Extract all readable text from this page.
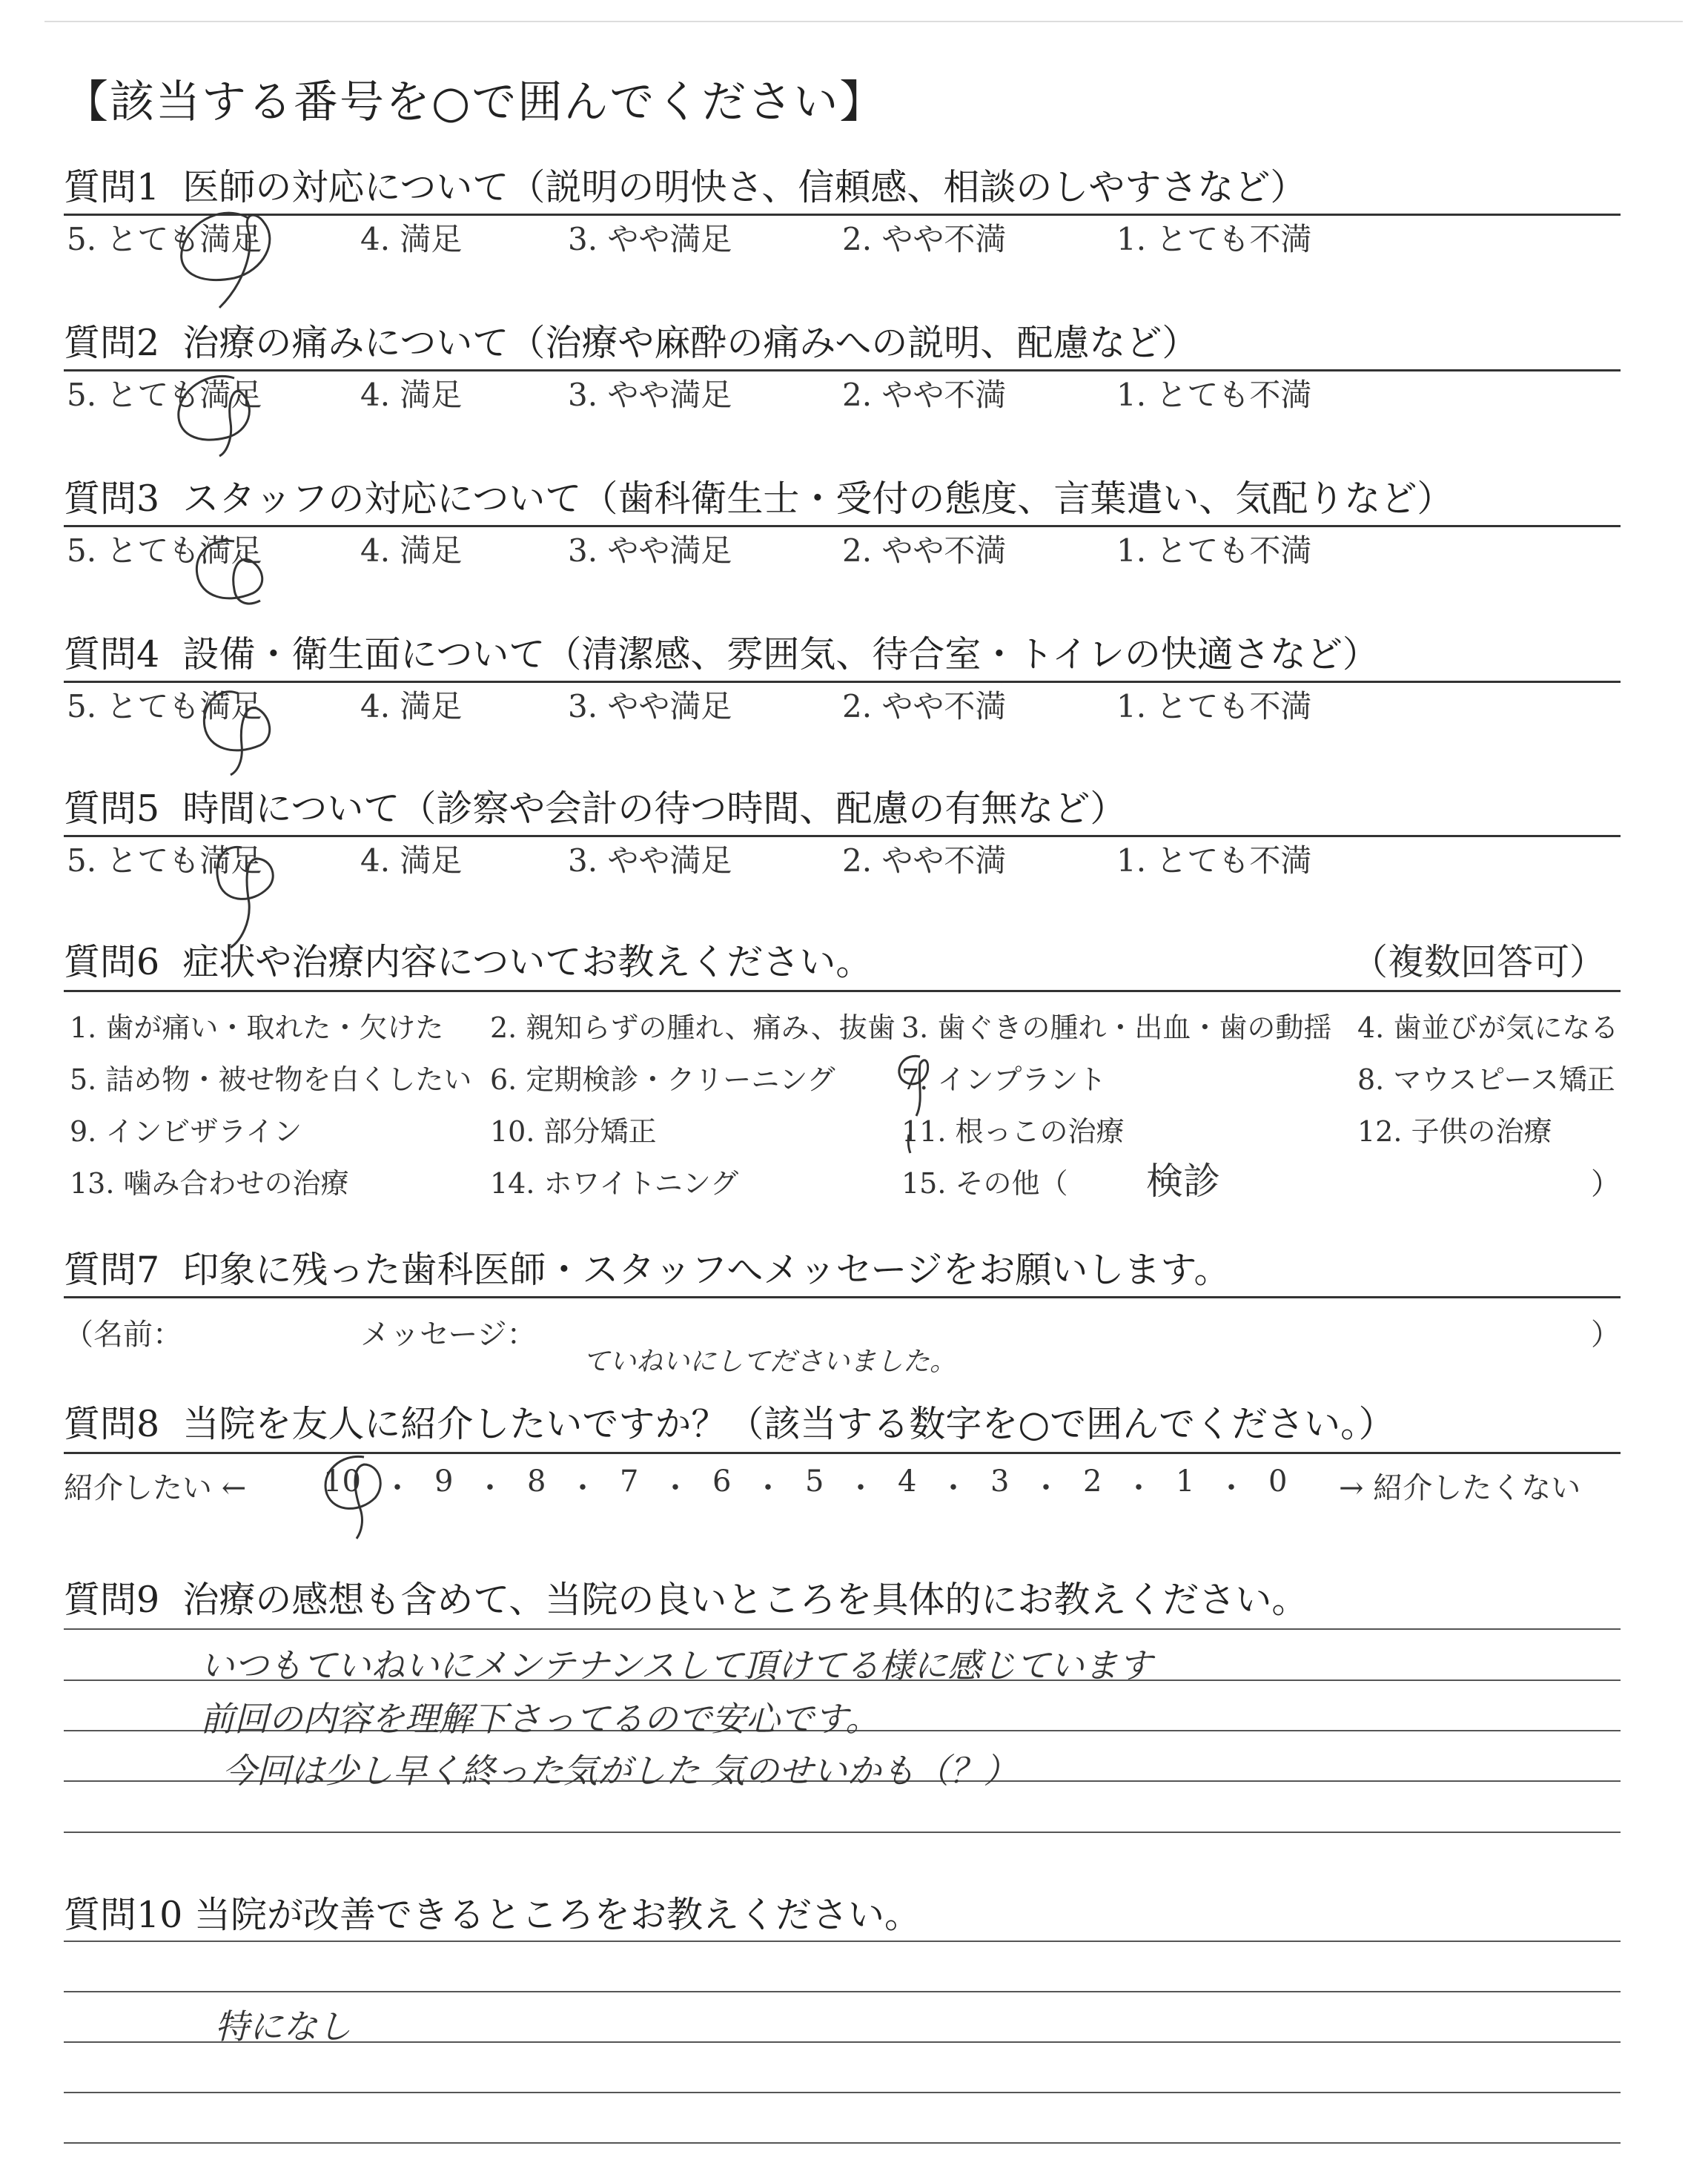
【該当する番号を○で囲んでください】
質問1 医師の対応について（説明の明快さ、信頼感、相談のしやすさなど）
5. とても満足	4. 満足	3. やや満足	2. やや不満	1. とても不満
質問2 治療の痛みについて（治療や麻酔の痛みへの説明、配慮など）
5. とても満足	4. 満足	3. やや満足	2. やや不満	1. とても不満
質問3 スタッフの対応について（歯科衛生士・受付の態度、言葉遣い、気配りなど）
5. とても満足	4. 満足	3. やや満足	2. やや不満	1. とても不満
質問4 設備・衛生面について（清潔感、雰囲気、待合室・トイレの快適さなど）
5. とても満足	4. 満足	3. やや満足	2. やや不満	1. とても不満
質問5 時間について（診察や会計の待つ時間、配慮の有無など）
5. とても満足	4. 満足	3. やや満足	2. やや不満	1. とても不満
質問6 症状や治療内容についてお教えください。	（複数回答可）
1. 歯が痛い・取れた・欠けた 2. 親知らずの腫れ、痛み、抜歯 3. 歯ぐきの腫れ・出血・歯の動揺 4. 歯並びが気になる
5. 詰め物・被せ物を白くしたい 6. 定期検診・クリーニング 7. インプラント	8. マウスピース矯正
9. インビザライン	10. 部分矯正	11. 根っこの治療	12. 子供の治療
13. 噛み合わせの治療	14. ホワイトニング	15. その他（ 検診	）
質問7 印象に残った歯科医師・スタッフへメッセージをお願いします。
（名前：	メッセージ：	）
ていねいにしてださいました。
質問8 当院を友人に紹介したいですか？（該当する数字を○で囲んでください。）
紹介したい ←	10 ・ 9 ・ 8 ・ 7 ・ 6 ・ 5 ・ 4 ・ 3 ・ 2 ・ 1 ・ 0 → 紹介したくない
質問9 治療の感想も含めて、当院の良いところを具体的にお教えください。
いつもていねいにメンテナンスして頂けてる様に感じています
前回の内容を理解下さってるので安心です。
今回は少し早く終った気がした 気のせいかも（？）
質問10 当院が改善できるところをお教えください。
特になし
